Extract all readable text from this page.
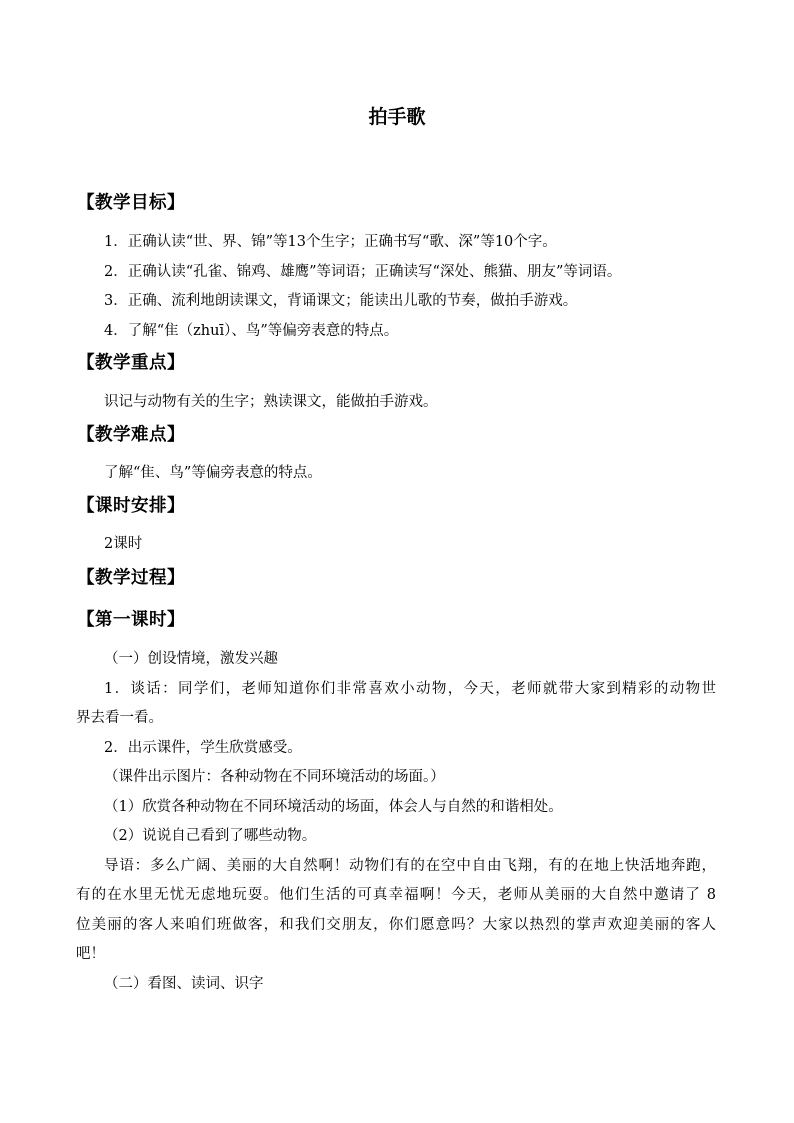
拍手歌
【教学目标】
1．正确认读“世、界、锦”等13个生字；正确书写“歌、深”等10个字。
2．正确认读“孔雀、锦鸡、雄鹰”等词语；正确读写“深处、熊猫、朋友”等词语。
3．正确、流利地朗读课文，背诵课文；能读出儿歌的节奏，做拍手游戏。
4．了解“隹（zhuī）、鸟”等偏旁表意的特点。
【教学重点】
识记与动物有关的生字；熟读课文，能做拍手游戏。
【教学难点】
了解“隹、鸟”等偏旁表意的特点。
【课时安排】
2课时
【教学过程】
【第一课时】
（一）创设情境，激发兴趣
1．谈话：同学们，老师知道你们非常喜欢小动物，今天，老师就带大家到精彩的动物世
界去看一看。
2．出示课件，学生欣赏感受。
（课件出示图片：各种动物在不同环境活动的场面。）
（1）欣赏各种动物在不同环境活动的场面，体会人与自然的和谐相处。
（2）说说自己看到了哪些动物。
导语：多么广阔、美丽的大自然啊！动物们有的在空中自由飞翔，有的在地上快活地奔跑，
有的在水里无忧无虑地玩耍。他们生活的可真幸福啊！今天，老师从美丽的大自然中邀请了 8
位美丽的客人来咱们班做客，和我们交朋友，你们愿意吗？大家以热烈的掌声欢迎美丽的客人
吧！
（二）看图、读词、识字
